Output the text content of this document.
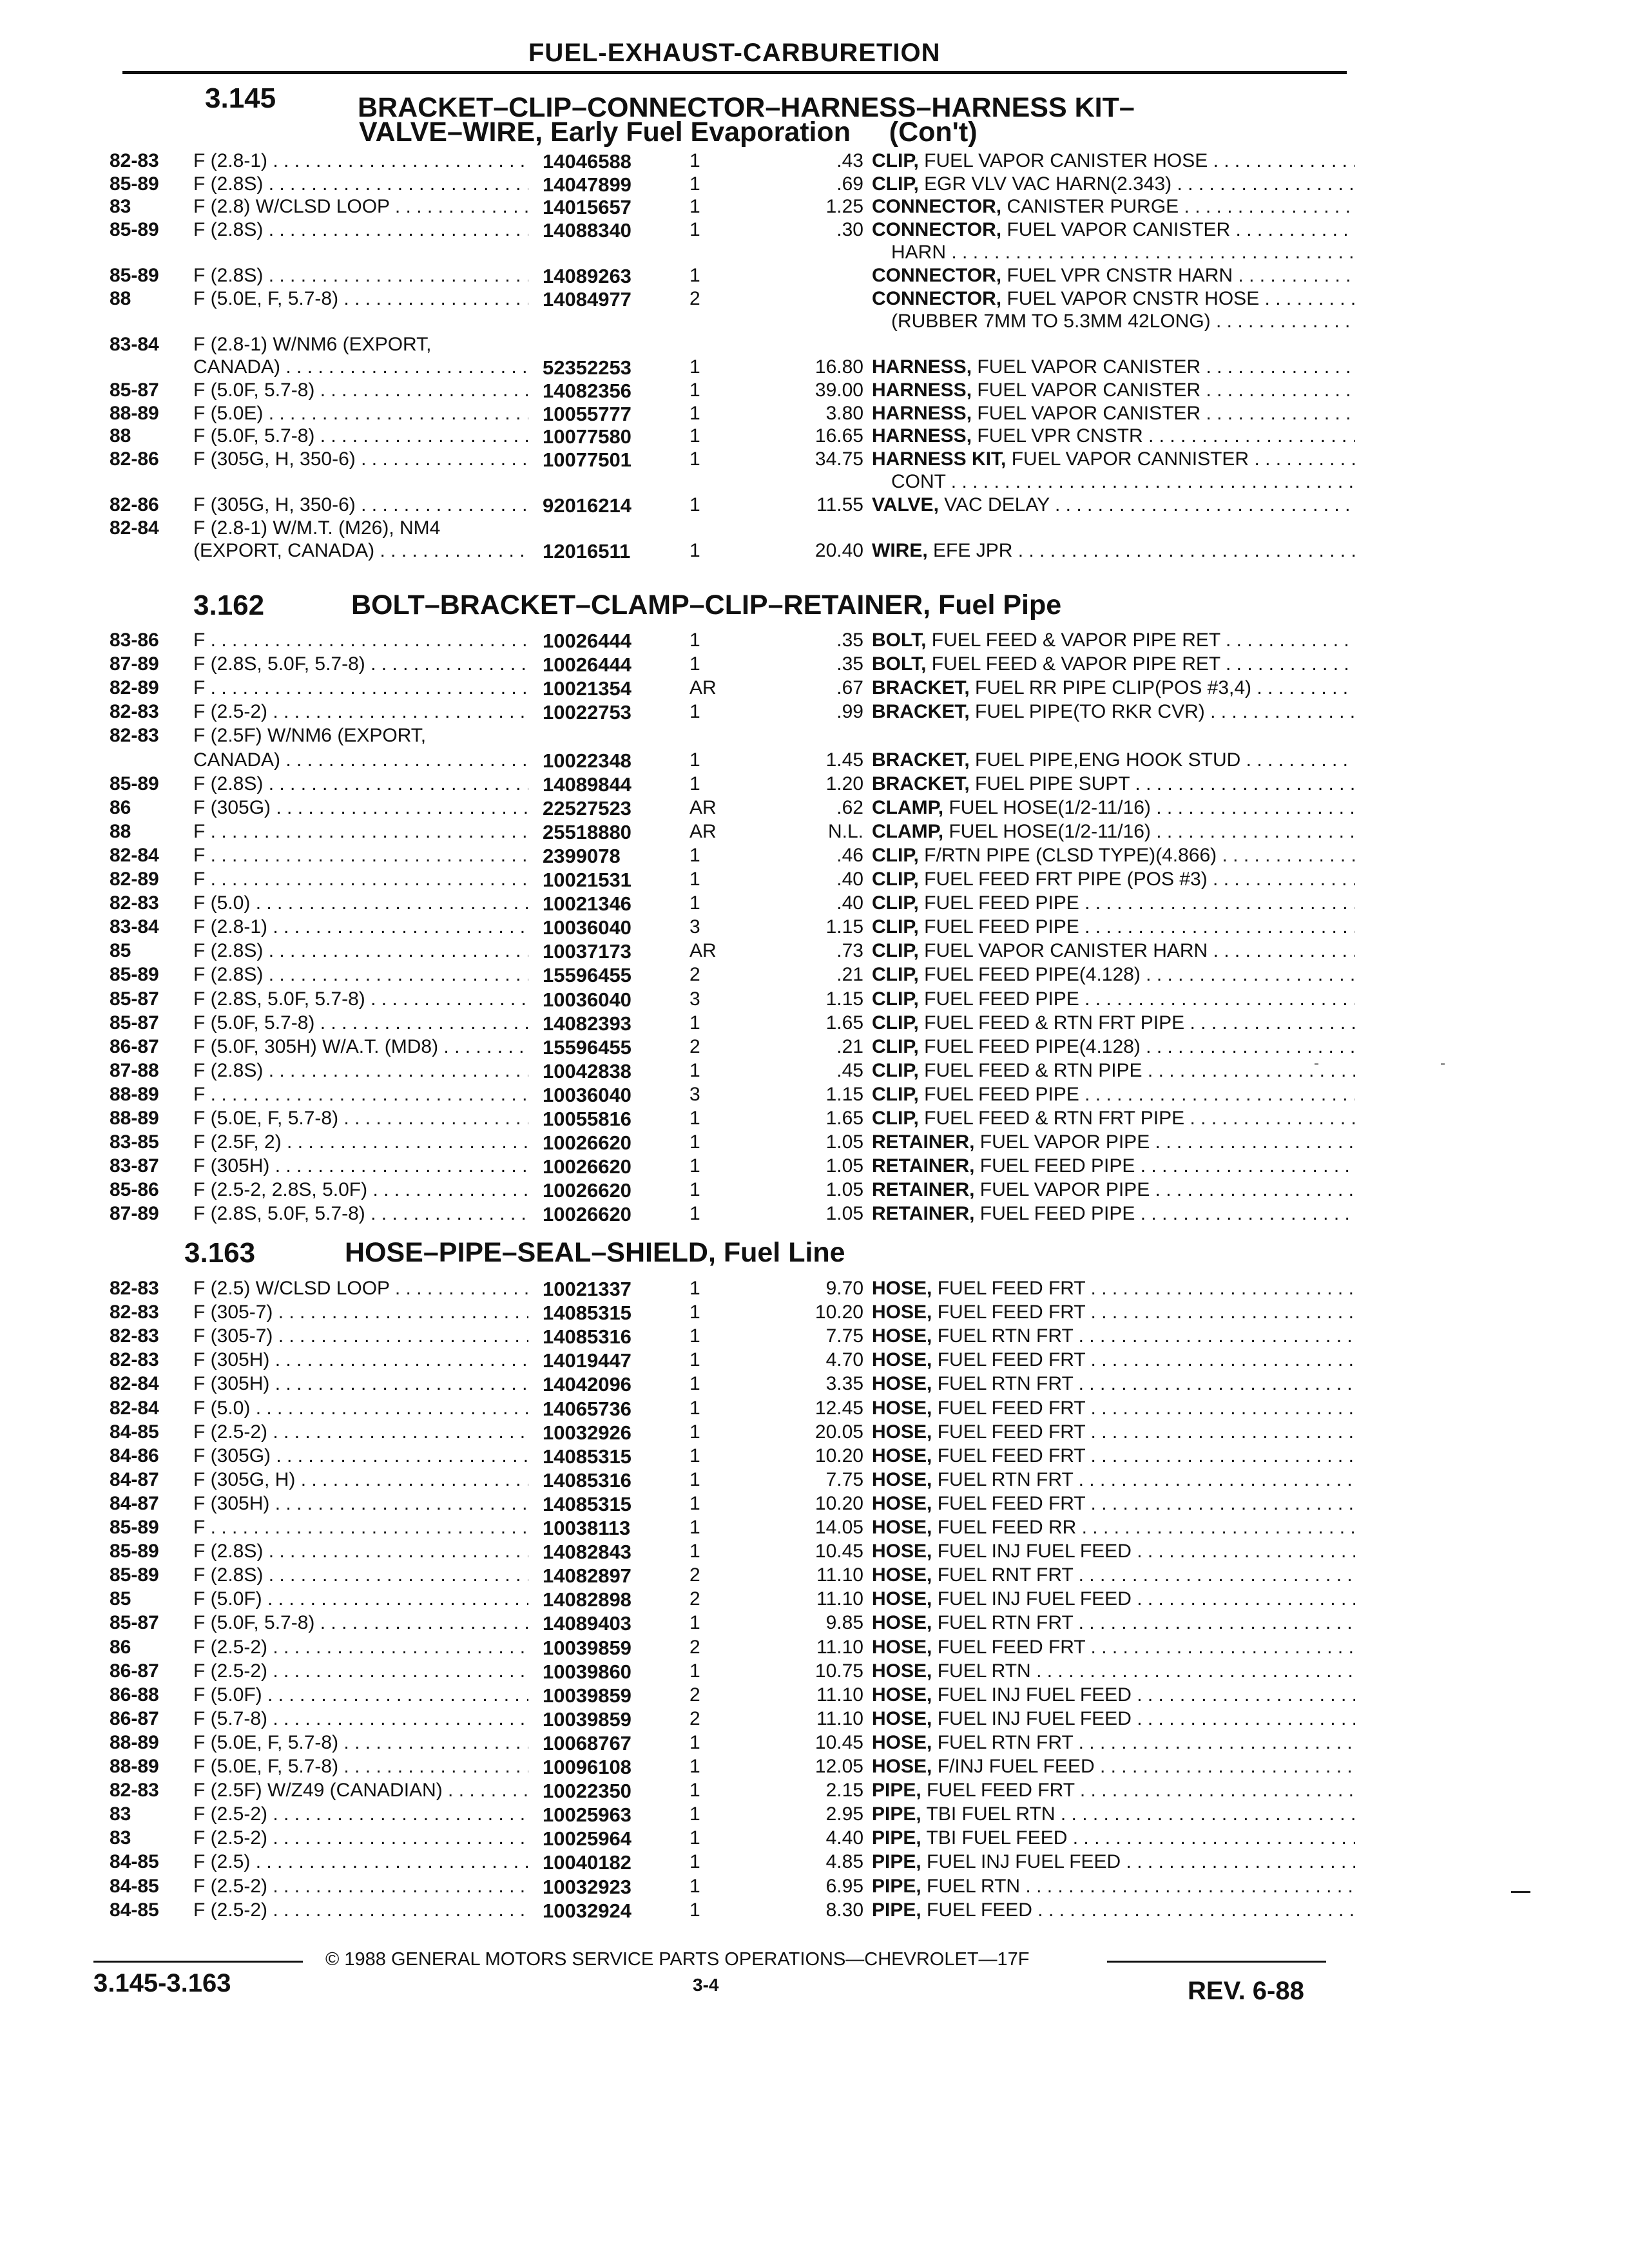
FUEL-EXHAUST-CARBURETION
3.145	BRACKET–CLIP–CONNECTOR–HARNESS–HARNESS KIT–
VALVE–WIRE, Early Fuel Evaporation     (Con't)
82-83 F (2.8-1) . . .	14046588	1	.43 CLIP, FUEL VAPOR CANISTER HOSE . . .
85-89 F (2.8S) . . .	14047899	1	.69 CLIP, EGR VLV VAC HARN(2.343) . . .
83	F (2.8) W/CLSD LOOP . . .	14015657	1	1.25 CONNECTOR, CANISTER PURGE . . .
85-89 F (2.8S) . . .	14088340	1	.30 CONNECTOR, FUEL VAPOR CANISTER . . .
HARN . . .
85-89 F (2.8S) . . .	14089263	1	CONNECTOR, FUEL VPR CNSTR HARN . . .
88	F (5.0E, F, 5.7-8) . . .	14084977	2	CONNECTOR, FUEL VAPOR CNSTR HOSE . . .
(RUBBER 7MM TO 5.3MM 42LONG) . . .
83-84 F (2.8-1) W/NM6 (EXPORT,
CANADA) . . .	52352253	1	16.80 HARNESS, FUEL VAPOR CANISTER . . .
85-87 F (5.0F, 5.7-8) . . .	14082356	1	39.00 HARNESS, FUEL VAPOR CANISTER . . .
88-89 F (5.0E) . . .	10055777	1	3.80 HARNESS, FUEL VAPOR CANISTER . . .
88	F (5.0F, 5.7-8) . . .	10077580	1	16.65 HARNESS, FUEL VPR CNSTR . . .
82-86 F (305G, H, 350-6) . . .	10077501	1	34.75 HARNESS KIT, FUEL VAPOR CANNISTER . . .
CONT . . .
82-86 F (305G, H, 350-6) . . .	92016214	1	11.55 VALVE, VAC DELAY . . .
82-84 F (2.8-1) W/M.T. (M26), NM4
(EXPORT, CANADA) . . .	12016511	1	20.40 WIRE, EFE JPR . . .
3.162	BOLT–BRACKET–CLAMP–CLIP–RETAINER, Fuel Pipe
83-86 F . . .	10026444	1	.35 BOLT, FUEL FEED & VAPOR PIPE RET . . .
87-89 F (2.8S, 5.0F, 5.7-8) . . .	10026444	1	.35 BOLT, FUEL FEED & VAPOR PIPE RET . . .
82-89 F . . .	10021354	AR	.67 BRACKET, FUEL RR PIPE CLIP(POS #3,4) . . .
82-83 F (2.5-2) . . .	10022753	1	.99 BRACKET, FUEL PIPE(TO RKR CVR) . . .
82-83 F (2.5F) W/NM6 (EXPORT,
CANADA) . . .	10022348	1	1.45 BRACKET, FUEL PIPE,ENG HOOK STUD . . .
85-89 F (2.8S) . . .	14089844	1	1.20 BRACKET, FUEL PIPE SUPT . . .
86	F (305G) . . .	22527523	AR	.62 CLAMP, FUEL HOSE(1/2-11/16) . . .
88	F . . .	25518880	AR	N.L. CLAMP, FUEL HOSE(1/2-11/16) . . .
82-84 F . . .	2399078	1	.46 CLIP, F/RTN PIPE (CLSD TYPE)(4.866) . . .
82-89 F . . .	10021531	1	.40 CLIP, FUEL FEED FRT PIPE (POS #3) . . .
82-83 F (5.0) . . .	10021346	1	.40 CLIP, FUEL FEED PIPE . . .
83-84 F (2.8-1) . . .	10036040	3	1.15 CLIP, FUEL FEED PIPE . . .
85	F (2.8S) . . .	10037173	AR	.73 CLIP, FUEL VAPOR CANISTER HARN . . .
85-89 F (2.8S) . . .	15596455	2	.21 CLIP, FUEL FEED PIPE(4.128) . . .
85-87 F (2.8S, 5.0F, 5.7-8) . . .	10036040	3	1.15 CLIP, FUEL FEED PIPE . . .
85-87 F (5.0F, 5.7-8) . . .	14082393	1	1.65 CLIP, FUEL FEED & RTN FRT PIPE . . .
86-87 F (5.0F, 305H) W/A.T. (MD8) . . .	15596455	2	.21 CLIP, FUEL FEED PIPE(4.128) . . .
87-88 F (2.8S) . . .	10042838	1	.45 CLIP, FUEL FEED & RTN PIPE . . .
88-89 F . . .	10036040	3	1.15 CLIP, FUEL FEED PIPE . . .
88-89 F (5.0E, F, 5.7-8) . . .	10055816	1	1.65 CLIP, FUEL FEED & RTN FRT PIPE . . .
83-85 F (2.5F, 2) . . .	10026620	1	1.05 RETAINER, FUEL VAPOR PIPE . . .
83-87 F (305H) . . .	10026620	1	1.05 RETAINER, FUEL FEED PIPE . . .
85-86 F (2.5-2, 2.8S, 5.0F) . . .	10026620	1	1.05 RETAINER, FUEL VAPOR PIPE . . .
87-89 F (2.8S, 5.0F, 5.7-8) . . .	10026620	1	1.05 RETAINER, FUEL FEED PIPE . . .
3.163	HOSE–PIPE–SEAL–SHIELD, Fuel Line
82-83 F (2.5) W/CLSD LOOP . . .	10021337	1	9.70 HOSE, FUEL FEED FRT . . .
82-83 F (305-7) . . .	14085315	1	10.20 HOSE, FUEL FEED FRT . . .
82-83 F (305-7) . . .	14085316	1	7.75 HOSE, FUEL RTN FRT . . .
82-83 F (305H) . . .	14019447	1	4.70 HOSE, FUEL FEED FRT . . .
82-84 F (305H) . . .	14042096	1	3.35 HOSE, FUEL RTN FRT . . .
82-84 F (5.0) . . .	14065736	1	12.45 HOSE, FUEL FEED FRT . . .
84-85 F (2.5-2) . . .	10032926	1	20.05 HOSE, FUEL FEED FRT . . .
84-86 F (305G) . . .	14085315	1	10.20 HOSE, FUEL FEED FRT . . .
84-87 F (305G, H) . . .	14085316	1	7.75 HOSE, FUEL RTN FRT . . .
84-87 F (305H) . . .	14085315	1	10.20 HOSE, FUEL FEED FRT . . .
85-89 F . . .	10038113	1	14.05 HOSE, FUEL FEED RR . . .
85-89 F (2.8S) . . .	14082843	1	10.45 HOSE, FUEL INJ FUEL FEED . . .
85-89 F (2.8S) . . .	14082897	2	11.10 HOSE, FUEL RNT FRT . . .
85	F (5.0F) . . .	14082898	2	11.10 HOSE, FUEL INJ FUEL FEED . . .
85-87 F (5.0F, 5.7-8) . . .	14089403	1	9.85 HOSE, FUEL RTN FRT . . .
86	F (2.5-2) . . .	10039859	2	11.10 HOSE, FUEL FEED FRT . . .
86-87 F (2.5-2) . . .	10039860	1	10.75 HOSE, FUEL RTN . . .
86-88 F (5.0F) . . .	10039859	2	11.10 HOSE, FUEL INJ FUEL FEED . . .
86-87 F (5.7-8) . . .	10039859	2	11.10 HOSE, FUEL INJ FUEL FEED . . .
88-89 F (5.0E, F, 5.7-8) . . .	10068767	1	10.45 HOSE, FUEL RTN FRT . . .
88-89 F (5.0E, F, 5.7-8) . . .	10096108	1	12.05 HOSE, F/INJ FUEL FEED . . .
82-83 F (2.5F) W/Z49 (CANADIAN) . . .	10022350	1	2.15 PIPE, FUEL FEED FRT . . .
83	F (2.5-2) . . .	10025963	1	2.95 PIPE, TBI FUEL RTN . . .
83	F (2.5-2) . . .	10025964	1	4.40 PIPE, TBI FUEL FEED . . .
84-85 F (2.5) . . .	10040182	1	4.85 PIPE, FUEL INJ FUEL FEED . . .
84-85 F (2.5-2) . . .	10032923	1	6.95 PIPE, FUEL RTN . . .
84-85 F (2.5-2) . . .	10032924	1	8.30 PIPE, FUEL FEED . . .
© 1988 GENERAL MOTORS SERVICE PARTS OPERATIONS—CHEVROLET—17F
3.145-3.163	3-4	REV. 6-88
